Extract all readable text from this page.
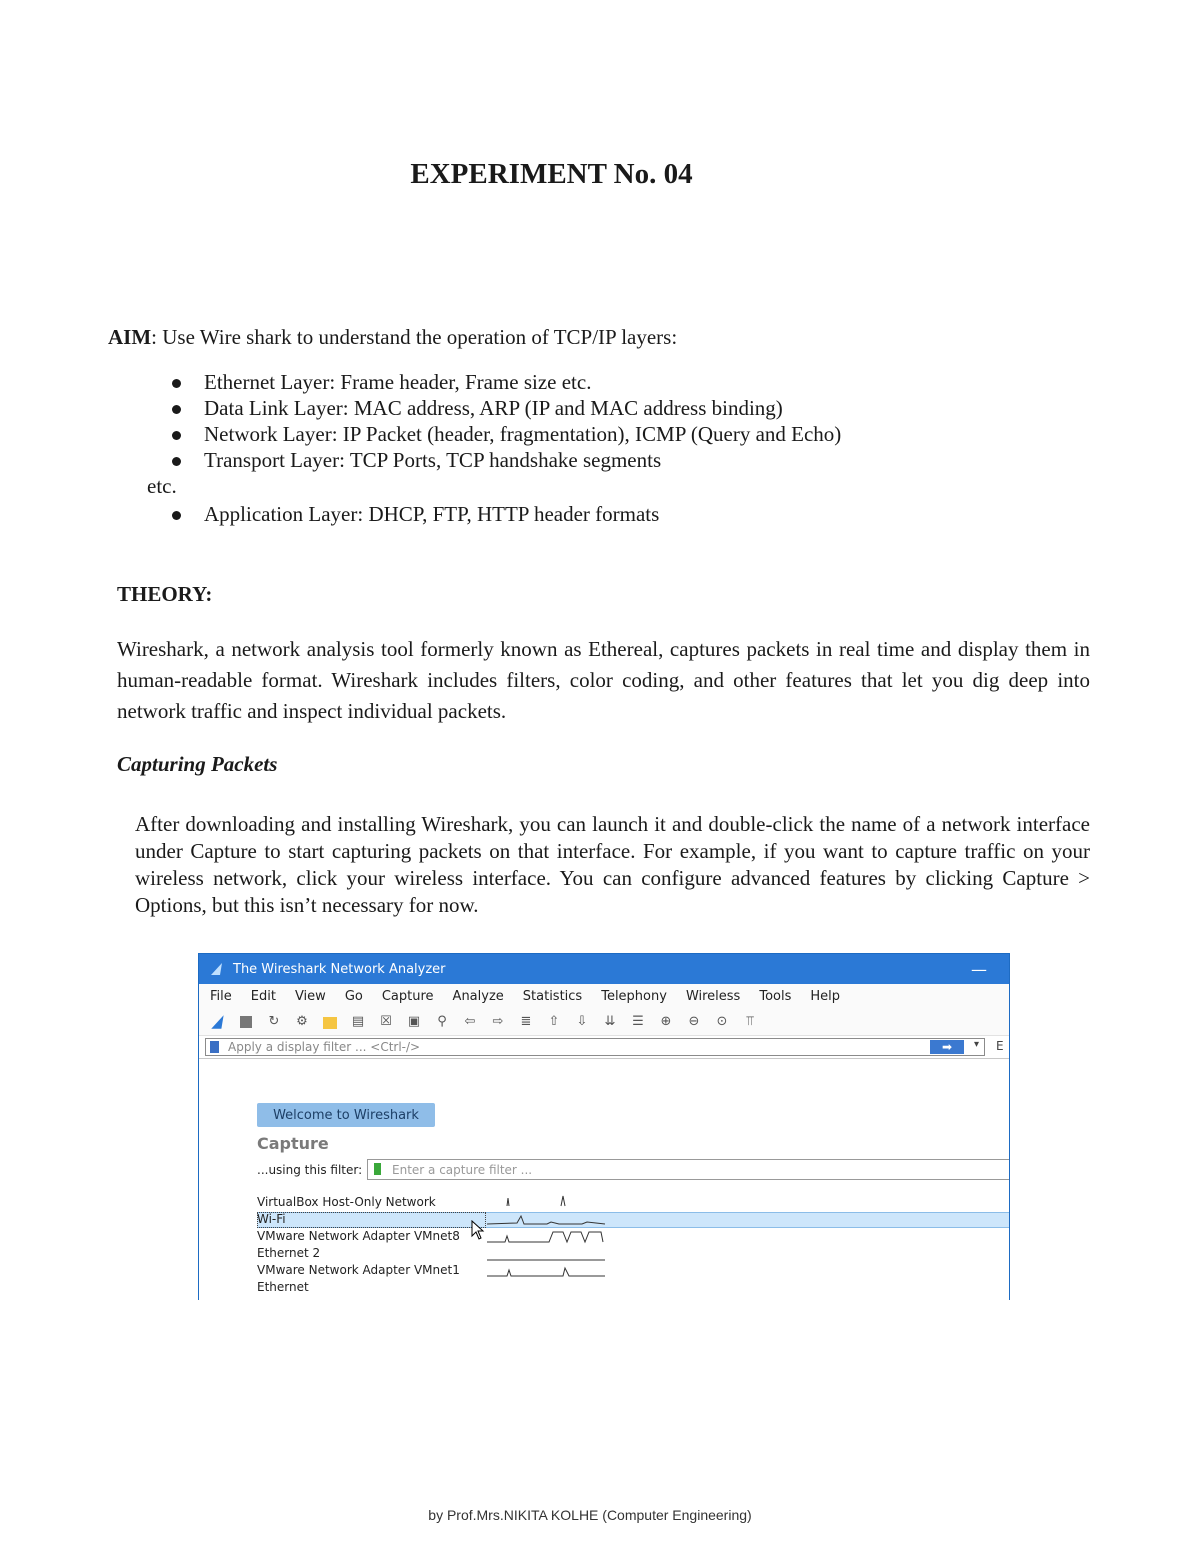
EXPERIMENT No. 04
AIM: Use Wire shark to understand the operation of TCP/IP layers:
Ethernet Layer: Frame header, Frame size etc.
Data Link Layer: MAC address, ARP (IP and MAC address binding)
Network Layer: IP Packet (header, fragmentation), ICMP (Query and Echo)
Transport Layer: TCP Ports, TCP handshake segments
etc.
Application Layer: DHCP, FTP, HTTP header formats
THEORY:
Wireshark, a network analysis tool formerly known as Ethereal, captures packets in real time and display them in human-readable format. Wireshark includes filters, color coding, and other features that let you dig deep into network traffic and inspect individual packets.
Capturing Packets
After downloading and installing Wireshark, you can launch it and double-click the name of a network interface under Capture to start capturing packets on that interface. For example, if you want to capture traffic on your wireless network, click your wireless interface. You can configure advanced features by clicking Capture > Options, but this isn’t necessary for now.
The Wireshark Network Analyzer	—
File Edit View Go Capture Analyze Statistics Telephony Wireless Tools Help
↻	⚙	▤	☒	▣	⚲	⇦	⇨	≣	⇧	⇩	⇊	☰	⊕	⊖	⊙	⫪
Apply a display filter ... <Ctrl-/>	➡	▾ E
Welcome to Wireshark
Capture
...using this filter: Enter a capture filter ...
VirtualBox Host-Only Network
Wi-Fi
VMware Network Adapter VMnet8
Ethernet 2
VMware Network Adapter VMnet1
Ethernet
by Prof.Mrs.NIKITA KOLHE (Computer Engineering)
